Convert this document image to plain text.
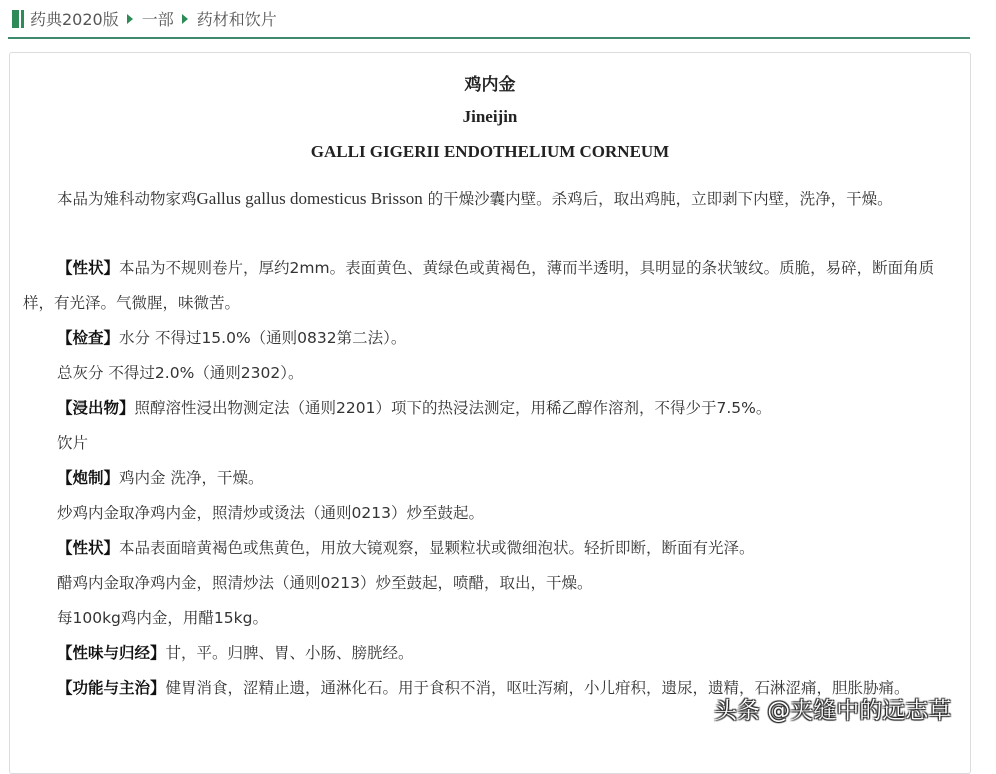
药典2020版 一部 药材和饮片
鸡内金
Jineijin
GALLI GIGERII ENDOTHELIUM CORNEUM
本品为雉科动物家鸡Gallus gallus domesticus Brisson 的干燥沙囊内壁。杀鸡后，取出鸡肫，立即剥下内壁，洗净，干燥。
【性状】本品为不规则卷片，厚约2mm。表面黄色、黄绿色或黄褐色，薄而半透明，具明显的条状皱纹。质脆，易碎，断面角质样，有光泽。气微腥，味微苦。
【检查】水分 不得过15.0%（通则0832第二法）。
总灰分 不得过2.0%（通则2302）。
【浸出物】照醇溶性浸出物测定法（通则2201）项下的热浸法测定，用稀乙醇作溶剂，不得少于7.5%。
饮片
【炮制】鸡内金 洗净，干燥。
炒鸡内金取净鸡内金，照清炒或烫法（通则0213）炒至鼓起。
【性状】本品表面暗黄褐色或焦黄色，用放大镜观察，显颗粒状或微细泡状。轻折即断，断面有光泽。
醋鸡内金取净鸡内金，照清炒法（通则0213）炒至鼓起，喷醋，取出，干燥。
每100kg鸡内金，用醋15kg。
【性味与归经】甘，平。归脾、胃、小肠、膀胱经。
【功能与主治】健胃消食，涩精止遗，通淋化石。用于食积不消，呕吐泻痢，小儿疳积，遗尿，遗精，石淋涩痛，胆胀胁痛。
头条 @夹缝中的远志草
